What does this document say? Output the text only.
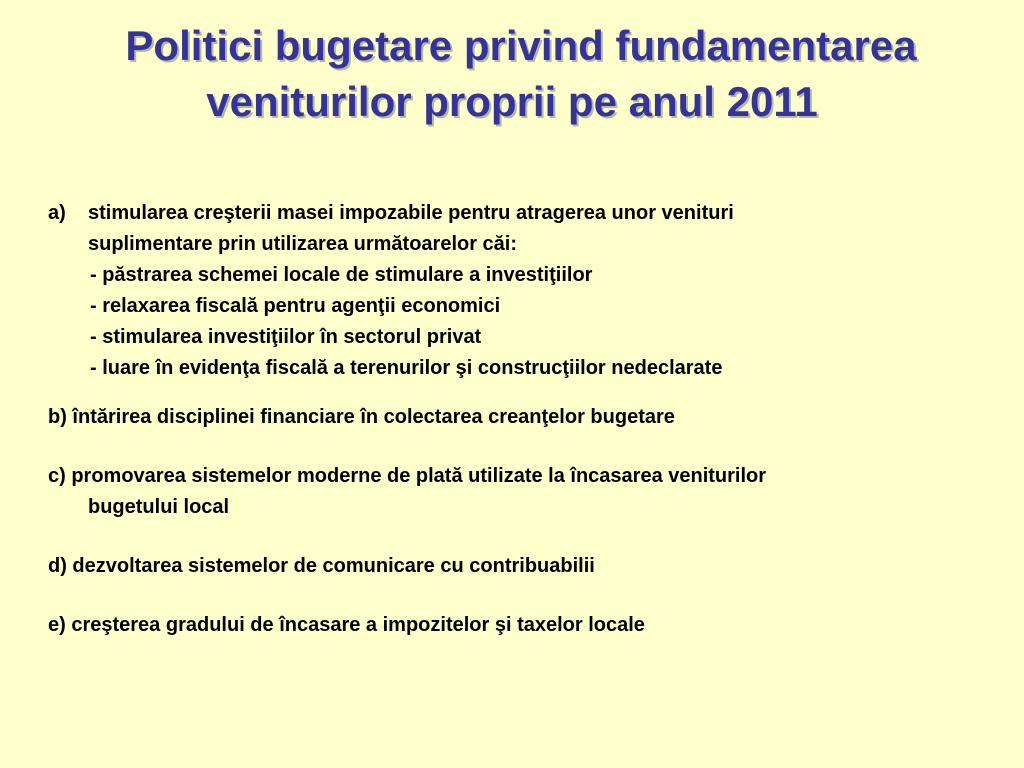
Politici bugetare privind fundamentarea
veniturilor proprii pe anul 2011

a) stimularea creşterii masei impozabile pentru atragerea unor venituri
suplimentare prin utilizarea următoarelor căi:

- păstrarea schemei locale de stimulare a investiţiilor

- relaxarea fiscală pentru agenţii economici

- stimularea investiţiilor în sectorul privat

- luare în evidenţa fiscală a terenurilor şi construcţiilor nedeclarate

b) întărirea disciplinei financiare în colectarea creanţelor bugetare

c) promovarea sistemelor moderne de plată utilizate la încasarea veniturilor
bugetului local

d) dezvoltarea sistemelor de comunicare cu contribuabilii

e) creşterea gradului de încasare a impozitelor şi taxelor locale
